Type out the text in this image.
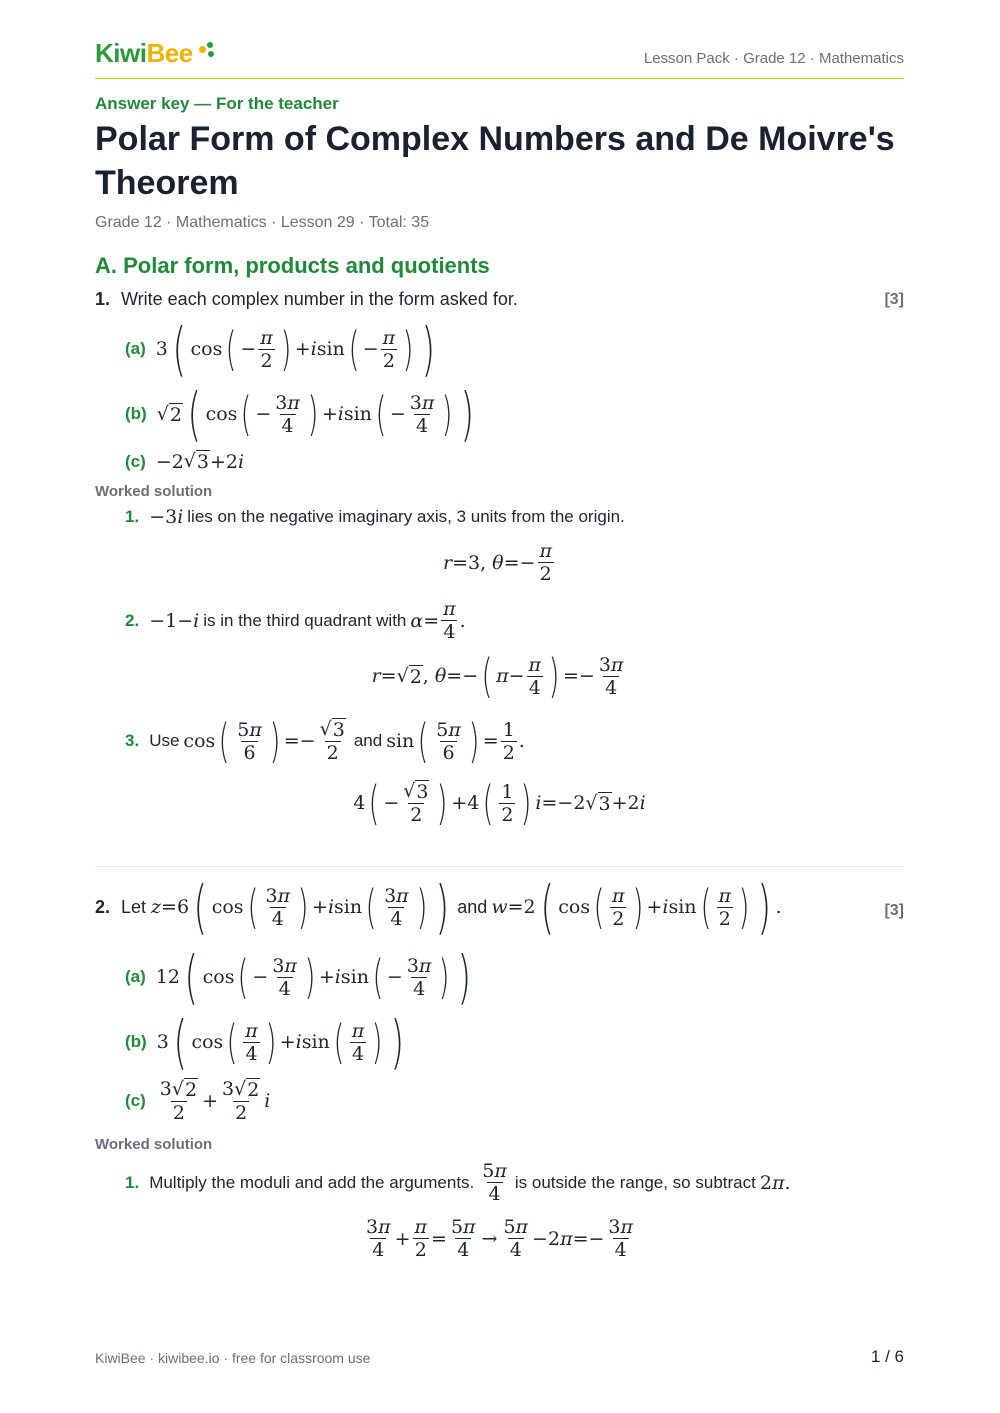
KiwiBee	Lesson Pack · Grade 12 · Mathematics
Answer key — For the teacher
Polar Form of Complex Numbers and De Moivre's Theorem
Grade 12 · Mathematics · Lesson 29 · Total: 35
A. Polar form, products and quotients
1. Write each complex number in the form asked for.	[3]
(a) 3 ( cos ( − $\frac{\pi}{2}$ ) + i sin ( − $\frac{\pi}{2}$ ) )
(b) √ 2 ( cos ( − $\frac{3\pi}{4}$ ) + i sin ( − $\frac{3\pi}{4}$ ) )
(c) −2 √ 3 +2 i
Worked solution
1. −3 i lies on the negative imaginary axis, 3 units from the origin.
r =3, $\theta =- \frac{\pi}{2}$
2. −1− i is in the third quadrant with $\alpha = \frac{\pi}{4}$ .
r = √ 2 , θ =− ( $\pi - \frac{\pi}{4}$ ) =− $\frac{3\pi}{4}$
3. Use cos ( $\frac{5\pi}{6}$ ) =− $\frac{√ 3}{2}$ and sin ( $\frac{5\pi}{6}$ ) = $\frac{1}{2}$ .
4 ( − $\frac{√ 3}{2}$ ) +4 ( $\frac{1}{2}$ ) i =−2 √ 3 +2 i
2. Let z =6 ( cos ( $\frac{3\pi}{4}$ ) + i sin ( $\frac{3\pi}{4}$ ) ) and w =2 ( cos ( $\frac{\pi}{2}$ ) + i sin ( $\frac{\pi}{2}$ ) ) .	[3]
(a) 12 ( cos ( − $\frac{3\pi}{4}$ ) + i sin ( − $\frac{3\pi}{4}$ ) )
(b) 3 ( cos ( $\frac{\pi}{4}$ ) + i sin ( $\frac{\pi}{4}$ ) )
$(c) \frac{3√ 2}{2} + \frac{3√ 2}{2}$ i
Worked solution
1. Multiply the moduli and add the arguments. $\frac{5\pi}{4}$ is outside the range, so subtract 2 π .
$\frac{3\pi}{4} + \frac{\pi}{2} = \frac{5\pi}{4} \to \frac{5\pi}{4} -2$ $\pi =- \frac{3\pi}{4}$
KiwiBee · kiwibee.io · free for classroom use	1 / 6
